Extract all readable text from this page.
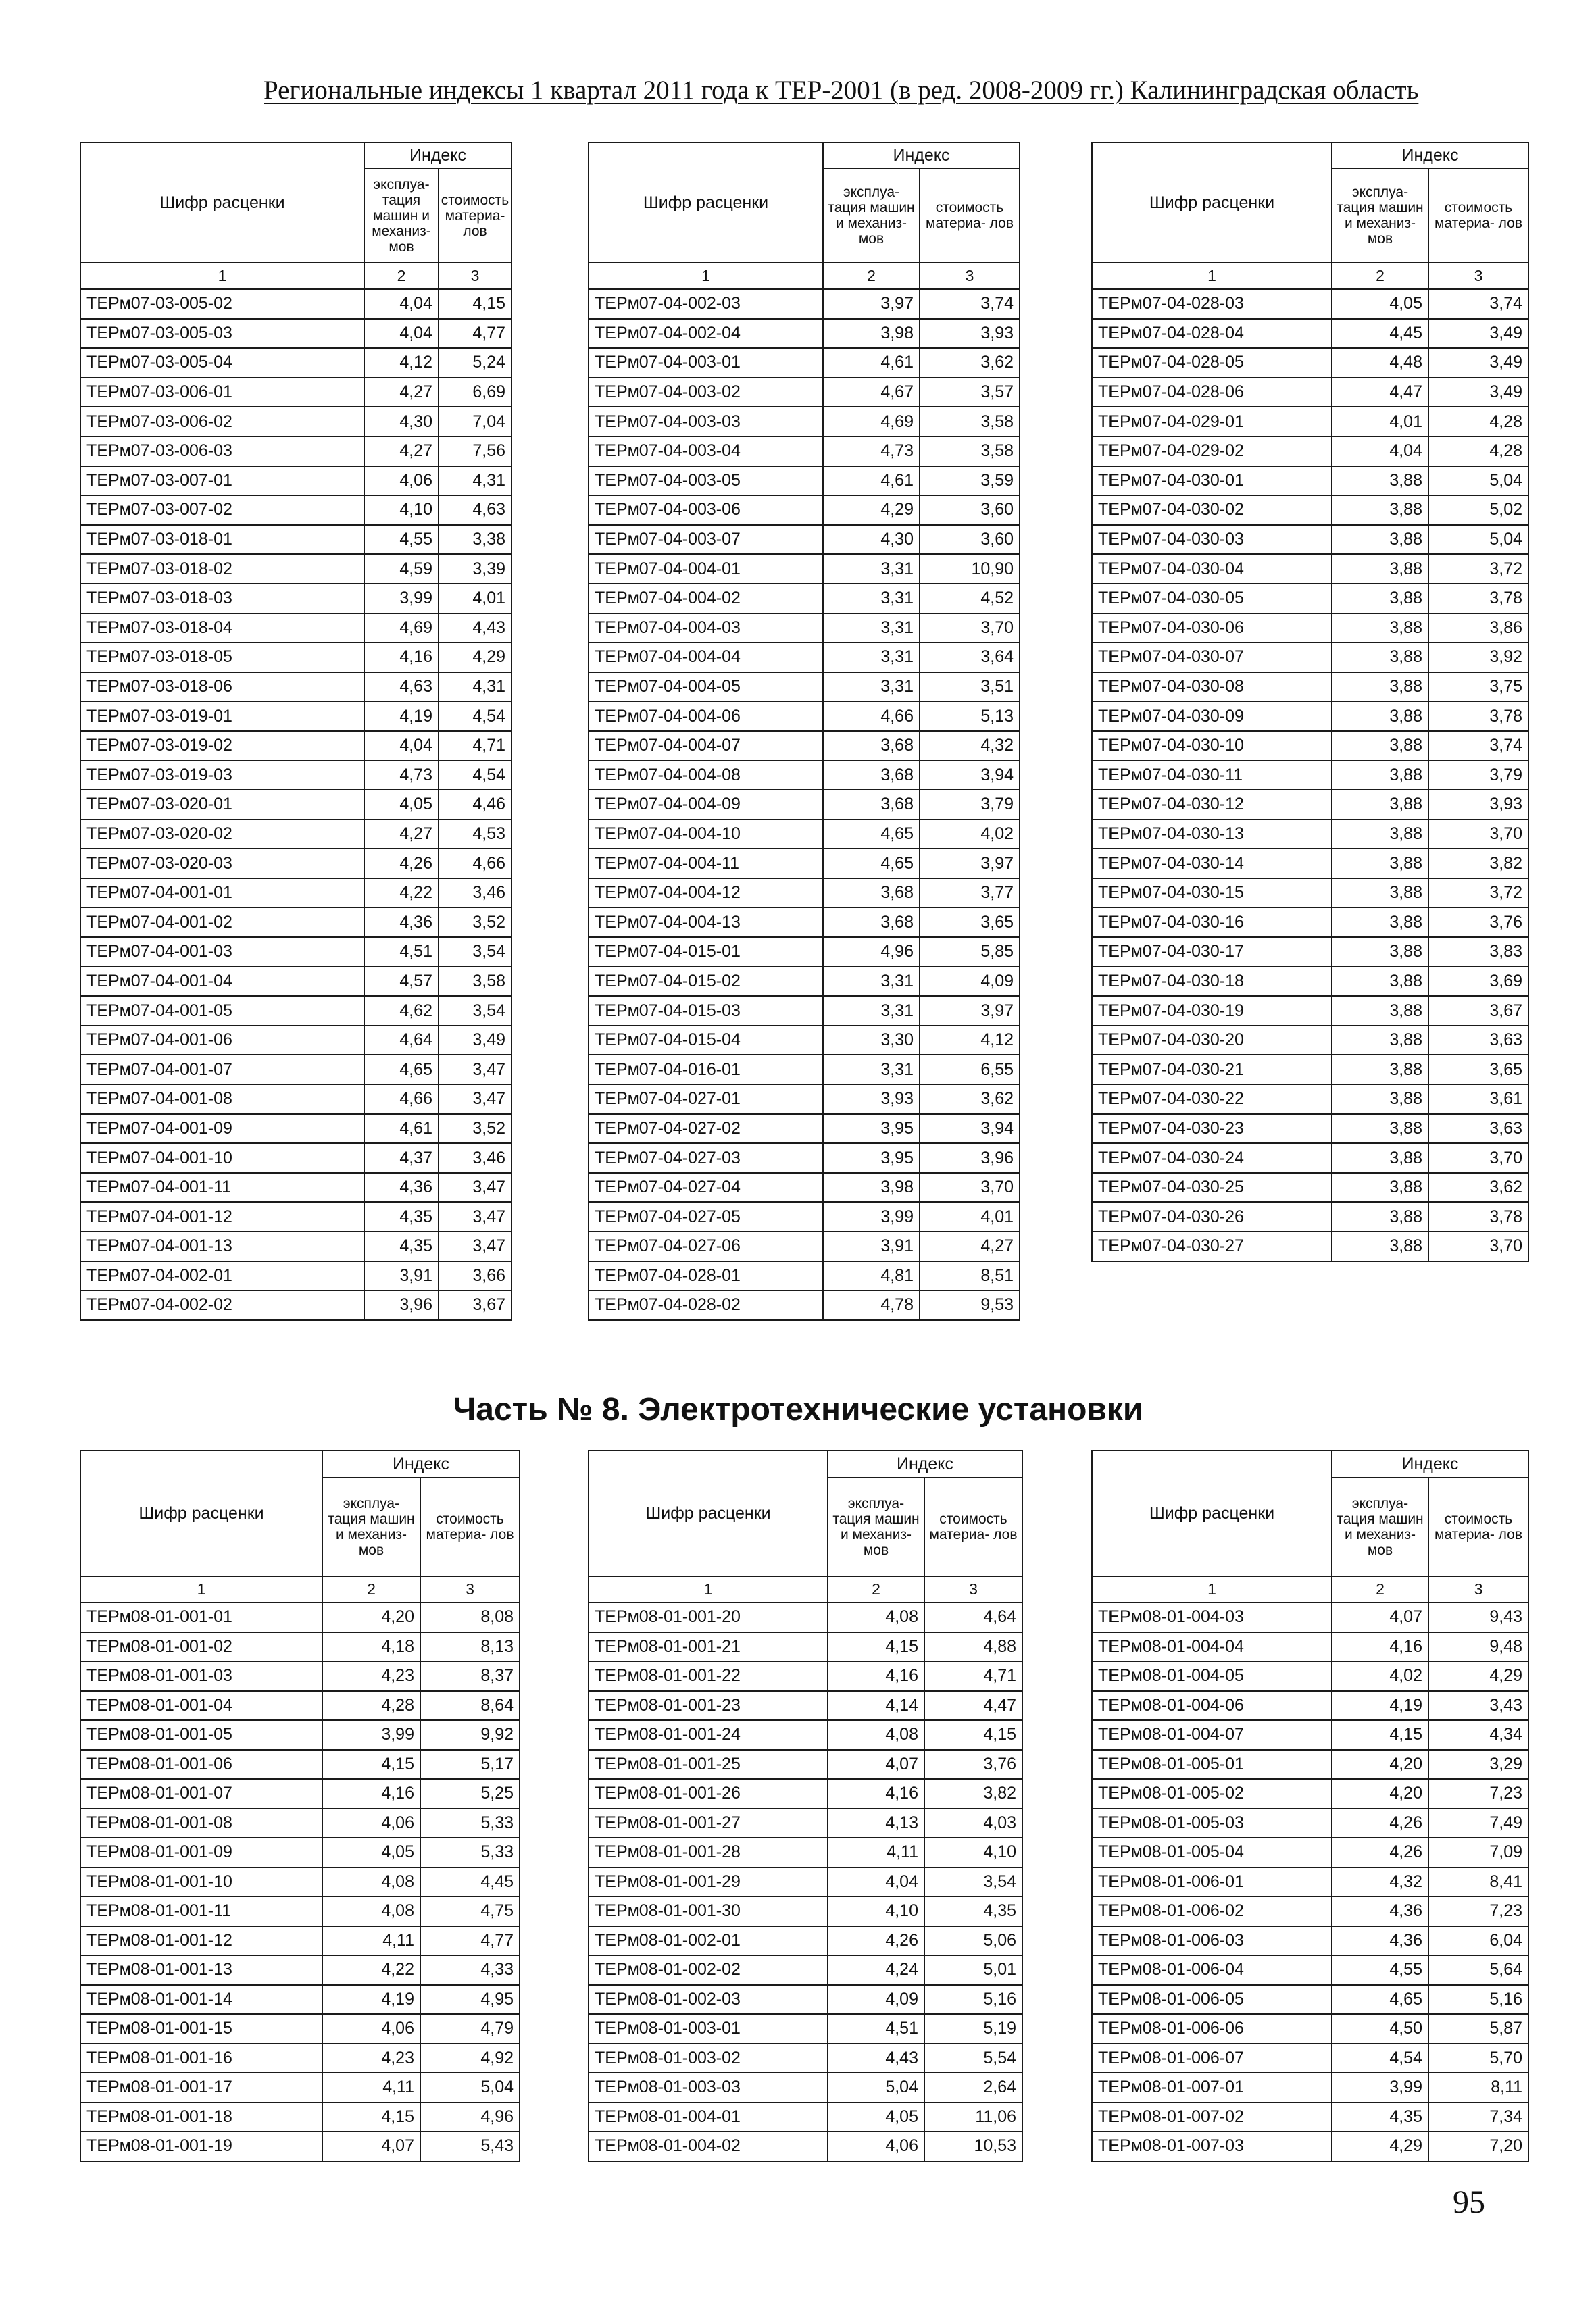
Региональные индексы 1 квартал 2011 года к ТЕР-2001 (в ред. 2008-2009 гг.) Калининградская область
Шифр расценки	Индекс	
	эксплуа- тация машин и механиз- мов	стоимость материа- лов
1	2	3
ТЕРм07-03-005-02	4,04	4,15
ТЕРм07-03-005-03	4,04	4,77
ТЕРм07-03-005-04	4,12	5,24
ТЕРм07-03-006-01	4,27	6,69
ТЕРм07-03-006-02	4,30	7,04
ТЕРм07-03-006-03	4,27	7,56
ТЕРм07-03-007-01	4,06	4,31
ТЕРм07-03-007-02	4,10	4,63
ТЕРм07-03-018-01	4,55	3,38
ТЕРм07-03-018-02	4,59	3,39
ТЕРм07-03-018-03	3,99	4,01
ТЕРм07-03-018-04	4,69	4,43
ТЕРм07-03-018-05	4,16	4,29
ТЕРм07-03-018-06	4,63	4,31
ТЕРм07-03-019-01	4,19	4,54
ТЕРм07-03-019-02	4,04	4,71
ТЕРм07-03-019-03	4,73	4,54
ТЕРм07-03-020-01	4,05	4,46
ТЕРм07-03-020-02	4,27	4,53
ТЕРм07-03-020-03	4,26	4,66
ТЕРм07-04-001-01	4,22	3,46
ТЕРм07-04-001-02	4,36	3,52
ТЕРм07-04-001-03	4,51	3,54
ТЕРм07-04-001-04	4,57	3,58
ТЕРм07-04-001-05	4,62	3,54
ТЕРм07-04-001-06	4,64	3,49
ТЕРм07-04-001-07	4,65	3,47
ТЕРм07-04-001-08	4,66	3,47
ТЕРм07-04-001-09	4,61	3,52
ТЕРм07-04-001-10	4,37	3,46
ТЕРм07-04-001-11	4,36	3,47
ТЕРм07-04-001-12	4,35	3,47
ТЕРм07-04-001-13	4,35	3,47
ТЕРм07-04-002-01	3,91	3,66
ТЕРм07-04-002-02	3,96	3,67
Шифр расценки	Индекс	
	эксплуа- тация машин и механиз- мов	стоимость материа- лов
1	2	3
ТЕРм07-04-002-03	3,97	3,74
ТЕРм07-04-002-04	3,98	3,93
ТЕРм07-04-003-01	4,61	3,62
ТЕРм07-04-003-02	4,67	3,57
ТЕРм07-04-003-03	4,69	3,58
ТЕРм07-04-003-04	4,73	3,58
ТЕРм07-04-003-05	4,61	3,59
ТЕРм07-04-003-06	4,29	3,60
ТЕРм07-04-003-07	4,30	3,60
ТЕРм07-04-004-01	3,31	10,90
ТЕРм07-04-004-02	3,31	4,52
ТЕРм07-04-004-03	3,31	3,70
ТЕРм07-04-004-04	3,31	3,64
ТЕРм07-04-004-05	3,31	3,51
ТЕРм07-04-004-06	4,66	5,13
ТЕРм07-04-004-07	3,68	4,32
ТЕРм07-04-004-08	3,68	3,94
ТЕРм07-04-004-09	3,68	3,79
ТЕРм07-04-004-10	4,65	4,02
ТЕРм07-04-004-11	4,65	3,97
ТЕРм07-04-004-12	3,68	3,77
ТЕРм07-04-004-13	3,68	3,65
ТЕРм07-04-015-01	4,96	5,85
ТЕРм07-04-015-02	3,31	4,09
ТЕРм07-04-015-03	3,31	3,97
ТЕРм07-04-015-04	3,30	4,12
ТЕРм07-04-016-01	3,31	6,55
ТЕРм07-04-027-01	3,93	3,62
ТЕРм07-04-027-02	3,95	3,94
ТЕРм07-04-027-03	3,95	3,96
ТЕРм07-04-027-04	3,98	3,70
ТЕРм07-04-027-05	3,99	4,01
ТЕРм07-04-027-06	3,91	4,27
ТЕРм07-04-028-01	4,81	8,51
ТЕРм07-04-028-02	4,78	9,53
Шифр расценки	Индекс	
	эксплуа- тация машин и механиз- мов	стоимость материа- лов
1	2	3
ТЕРм07-04-028-03	4,05	3,74
ТЕРм07-04-028-04	4,45	3,49
ТЕРм07-04-028-05	4,48	3,49
ТЕРм07-04-028-06	4,47	3,49
ТЕРм07-04-029-01	4,01	4,28
ТЕРм07-04-029-02	4,04	4,28
ТЕРм07-04-030-01	3,88	5,04
ТЕРм07-04-030-02	3,88	5,02
ТЕРм07-04-030-03	3,88	5,04
ТЕРм07-04-030-04	3,88	3,72
ТЕРм07-04-030-05	3,88	3,78
ТЕРм07-04-030-06	3,88	3,86
ТЕРм07-04-030-07	3,88	3,92
ТЕРм07-04-030-08	3,88	3,75
ТЕРм07-04-030-09	3,88	3,78
ТЕРм07-04-030-10	3,88	3,74
ТЕРм07-04-030-11	3,88	3,79
ТЕРм07-04-030-12	3,88	3,93
ТЕРм07-04-030-13	3,88	3,70
ТЕРм07-04-030-14	3,88	3,82
ТЕРм07-04-030-15	3,88	3,72
ТЕРм07-04-030-16	3,88	3,76
ТЕРм07-04-030-17	3,88	3,83
ТЕРм07-04-030-18	3,88	3,69
ТЕРм07-04-030-19	3,88	3,67
ТЕРм07-04-030-20	3,88	3,63
ТЕРм07-04-030-21	3,88	3,65
ТЕРм07-04-030-22	3,88	3,61
ТЕРм07-04-030-23	3,88	3,63
ТЕРм07-04-030-24	3,88	3,70
ТЕРм07-04-030-25	3,88	3,62
ТЕРм07-04-030-26	3,88	3,78
ТЕРм07-04-030-27	3,88	3,70
Часть № 8. Электротехнические установки
Шифр расценки	Индекс	
	эксплуа- тация машин и механиз- мов	стоимость материа- лов
1	2	3
ТЕРм08-01-001-01	4,20	8,08
ТЕРм08-01-001-02	4,18	8,13
ТЕРм08-01-001-03	4,23	8,37
ТЕРм08-01-001-04	4,28	8,64
ТЕРм08-01-001-05	3,99	9,92
ТЕРм08-01-001-06	4,15	5,17
ТЕРм08-01-001-07	4,16	5,25
ТЕРм08-01-001-08	4,06	5,33
ТЕРм08-01-001-09	4,05	5,33
ТЕРм08-01-001-10	4,08	4,45
ТЕРм08-01-001-11	4,08	4,75
ТЕРм08-01-001-12	4,11	4,77
ТЕРм08-01-001-13	4,22	4,33
ТЕРм08-01-001-14	4,19	4,95
ТЕРм08-01-001-15	4,06	4,79
ТЕРм08-01-001-16	4,23	4,92
ТЕРм08-01-001-17	4,11	5,04
ТЕРм08-01-001-18	4,15	4,96
ТЕРм08-01-001-19	4,07	5,43
Шифр расценки	Индекс	
	эксплуа- тация машин и механиз- мов	стоимость материа- лов
1	2	3
ТЕРм08-01-001-20	4,08	4,64
ТЕРм08-01-001-21	4,15	4,88
ТЕРм08-01-001-22	4,16	4,71
ТЕРм08-01-001-23	4,14	4,47
ТЕРм08-01-001-24	4,08	4,15
ТЕРм08-01-001-25	4,07	3,76
ТЕРм08-01-001-26	4,16	3,82
ТЕРм08-01-001-27	4,13	4,03
ТЕРм08-01-001-28	4,11	4,10
ТЕРм08-01-001-29	4,04	3,54
ТЕРм08-01-001-30	4,10	4,35
ТЕРм08-01-002-01	4,26	5,06
ТЕРм08-01-002-02	4,24	5,01
ТЕРм08-01-002-03	4,09	5,16
ТЕРм08-01-003-01	4,51	5,19
ТЕРм08-01-003-02	4,43	5,54
ТЕРм08-01-003-03	5,04	2,64
ТЕРм08-01-004-01	4,05	11,06
ТЕРм08-01-004-02	4,06	10,53
Шифр расценки	Индекс	
	эксплуа- тация машин и механиз- мов	стоимость материа- лов
1	2	3
ТЕРм08-01-004-03	4,07	9,43
ТЕРм08-01-004-04	4,16	9,48
ТЕРм08-01-004-05	4,02	4,29
ТЕРм08-01-004-06	4,19	3,43
ТЕРм08-01-004-07	4,15	4,34
ТЕРм08-01-005-01	4,20	3,29
ТЕРм08-01-005-02	4,20	7,23
ТЕРм08-01-005-03	4,26	7,49
ТЕРм08-01-005-04	4,26	7,09
ТЕРм08-01-006-01	4,32	8,41
ТЕРм08-01-006-02	4,36	7,23
ТЕРм08-01-006-03	4,36	6,04
ТЕРм08-01-006-04	4,55	5,64
ТЕРм08-01-006-05	4,65	5,16
ТЕРм08-01-006-06	4,50	5,87
ТЕРм08-01-006-07	4,54	5,70
ТЕРм08-01-007-01	3,99	8,11
ТЕРм08-01-007-02	4,35	7,34
ТЕРм08-01-007-03	4,29	7,20
95
